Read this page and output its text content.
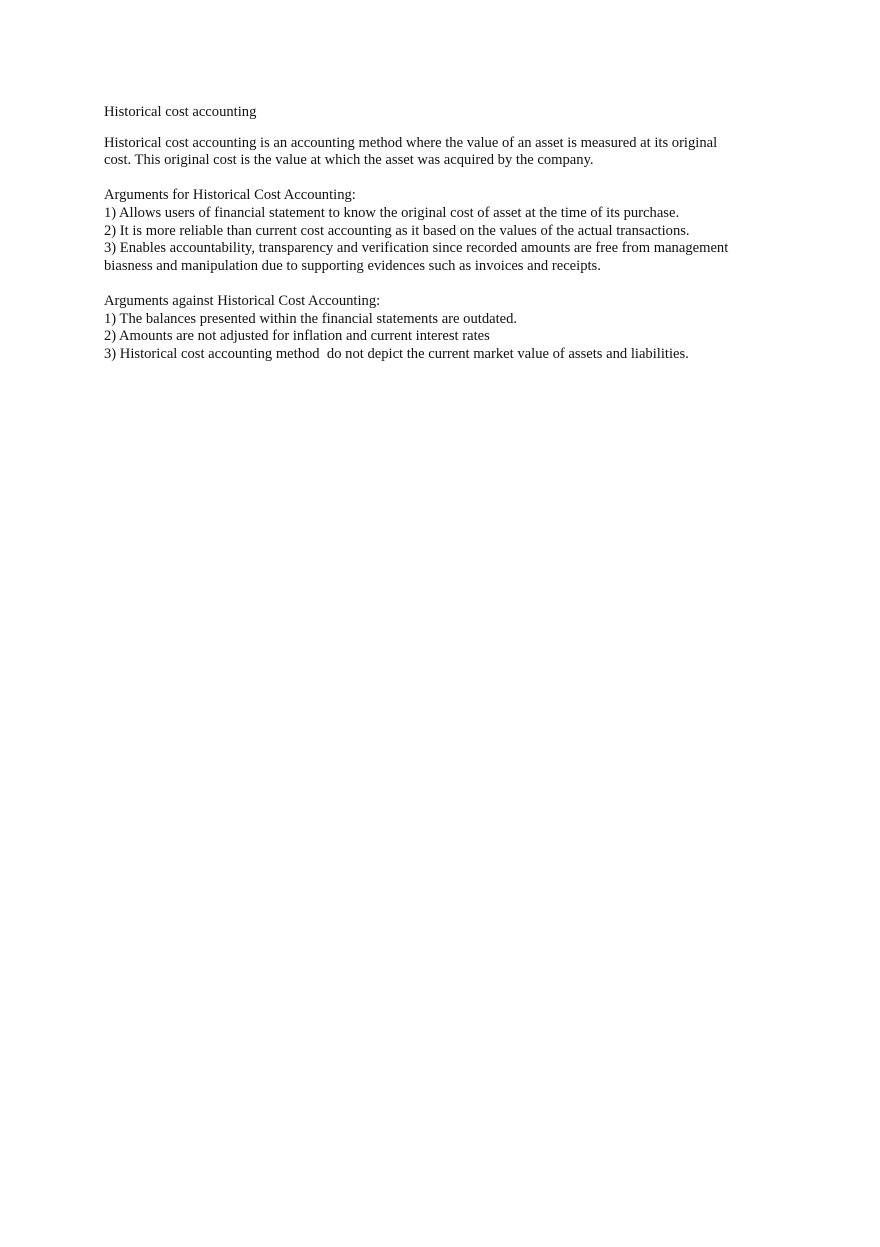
Historical cost accounting

Historical cost accounting is an accounting method where the value of an asset is measured at its original cost. This original cost is the value at which the asset was acquired by the company.

Arguments for Historical Cost Accounting:

1) Allows users of financial statement to know the original cost of asset at the time of its purchase.
2) It is more reliable than current cost accounting as it based on the values of the actual transactions.
3) Enables accountability, transparency and verification since recorded amounts are free from management biasness and manipulation due to supporting evidences such as invoices and receipts.

Arguments against Historical Cost Accounting:

1) The balances presented within the financial statements are outdated.
2) Amounts are not adjusted for inflation and current interest rates
3) Historical cost accounting method  do not depict the current market value of assets and liabilities.
